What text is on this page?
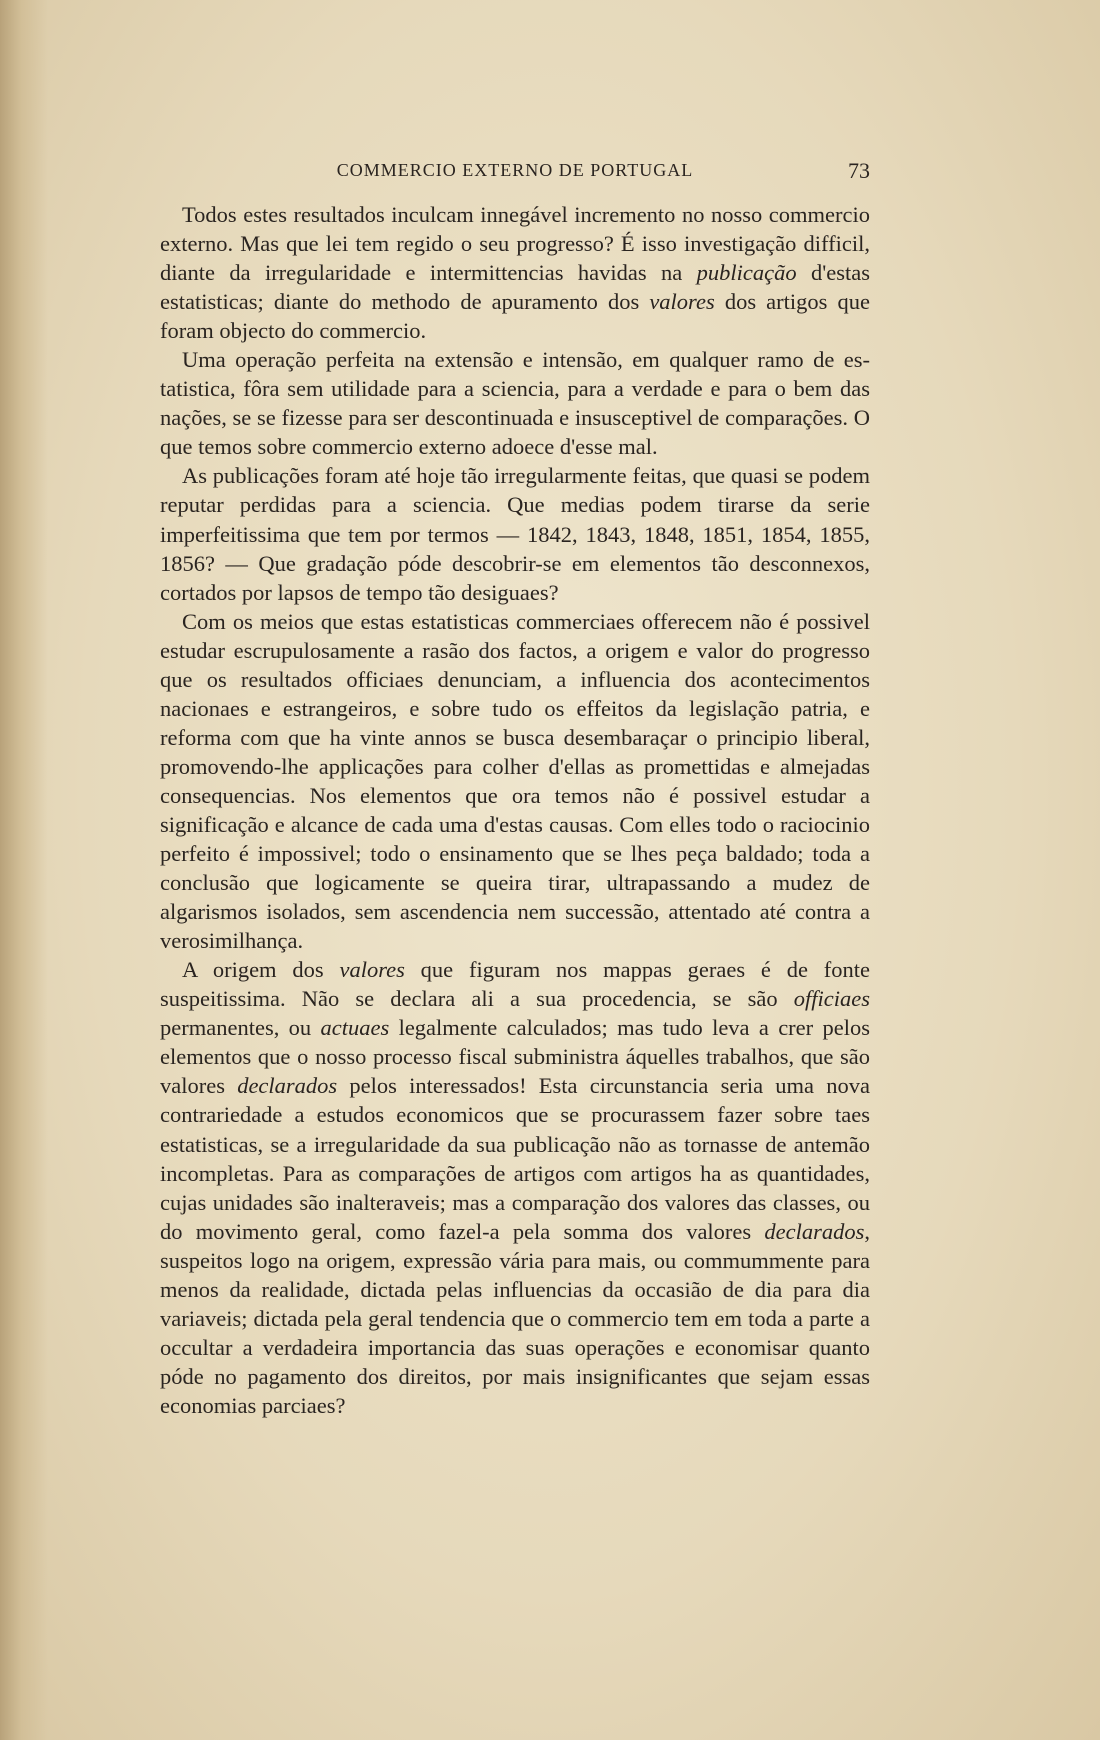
COMMERCIO EXTERNO DE PORTUGAL	73

Todos estes resultados inculcam innegável incremento no nosso commercio externo. Mas que lei tem regido o seu progresso? É isso investigação difficil, diante da irregularidade e intermittencias havidas na publicação d'estas estatisticas; diante do methodo de apuramento dos valores dos artigos que foram objecto do commercio.

Uma operação perfeita na extensão e intensão, em qualquer ramo de estatistica, fôra sem utilidade para a sciencia, para a verdade e para o bem das nações, se se fizesse para ser descontinuada e insusceptivel de comparações. O que temos sobre commercio externo adoece d'esse mal.

As publicações foram até hoje tão irregularmente feitas, que quasi se podem reputar perdidas para a sciencia. Que medias podem tirarse da serie imperfeitissima que tem por termos — 1842, 1843, 1848, 1851, 1854, 1855, 1856? — Que gradação póde descobrir-se em elementos tão desconnexos, cortados por lapsos de tempo tão desiguaes?

Com os meios que estas estatisticas commerciaes offerecem não é possivel estudar escrupulosamente a rasão dos factos, a origem e valor do progresso que os resultados officiaes denunciam, a influencia dos acontecimentos nacionaes e estrangeiros, e sobre tudo os effeitos da legislação patria, e reforma com que ha vinte annos se busca desembaraçar o principio liberal, promovendo-lhe applicações para colher d'ellas as promettidas e almejadas consequencias. Nos elementos que ora temos não é possivel estudar a significação e alcance de cada uma d'estas causas. Com elles todo o raciocinio perfeito é impossivel; todo o ensinamento que se lhes peça baldado; toda a conclusão que logicamente se queira tirar, ultrapassando a mudez de algarismos isolados, sem ascendencia nem successão, attentado até contra a verosimilhança.

A origem dos valores que figuram nos mappas geraes é de fonte suspeitissima. Não se declara ali a sua procedencia, se são officiaes permanentes, ou actuaes legalmente calculados; mas tudo leva a crer pelos elementos que o nosso processo fiscal subministra áquelles trabalhos, que são valores declarados pelos interessados! Esta circunstancia seria uma nova contrariedade a estudos economicos que se procurassem fazer sobre taes estatisticas, se a irregularidade da sua publicação não as tornasse de antemão incompletas. Para as comparações de artigos com artigos ha as quantidades, cujas unidades são inalteraveis; mas a comparação dos valores das classes, ou do movimento geral, como fazel-a pela somma dos valores declarados, suspeitos logo na origem, expressão vária para mais, ou commummente para menos da realidade, dictada pelas influencias da occasião de dia para dia variaveis; dictada pela geral tendencia que o commercio tem em toda a parte a occultar a verdadeira importancia das suas operações e economisar quanto póde no pagamento dos direitos, por mais insignificantes que sejam essas economias parciaes?
